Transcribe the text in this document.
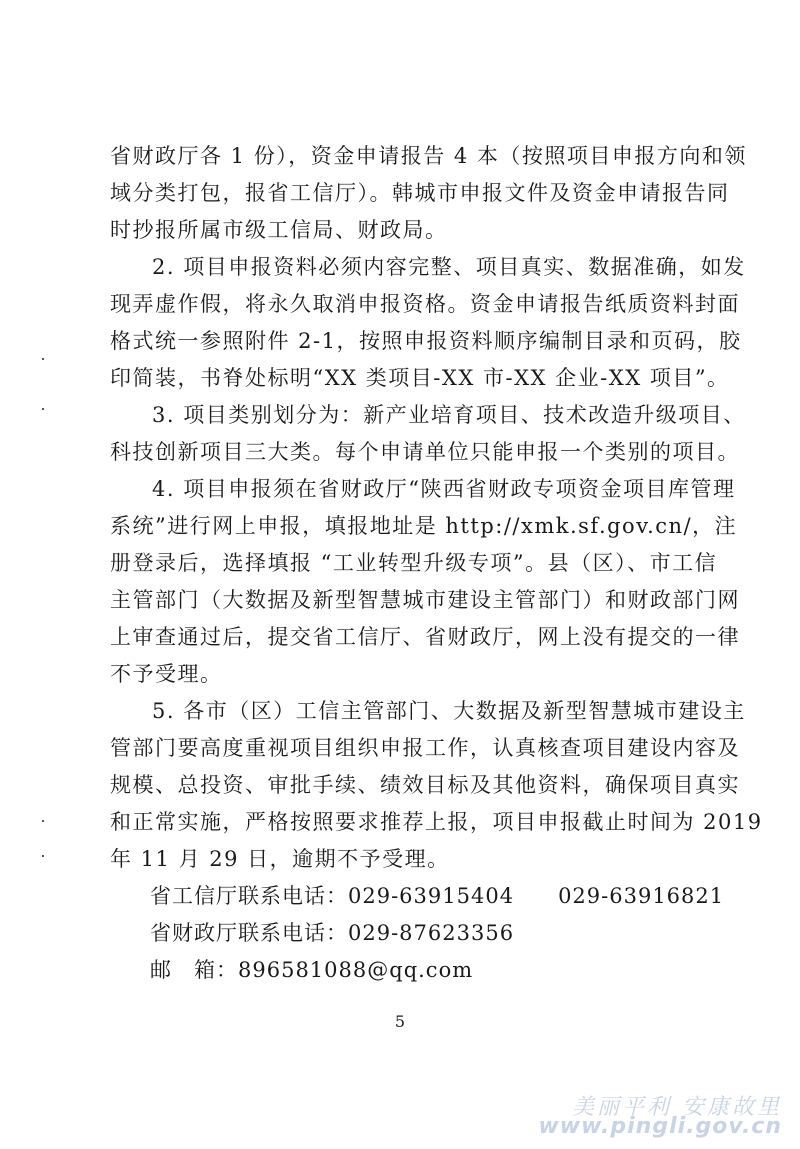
省财政厅各 1 份），资金申请报告 4 本（按照项目申报方向和领
域分类打包，报省工信厅）。韩城市申报文件及资金申请报告同
时抄报所属市级工信局、财政局。
2. 项目申报资料必须内容完整、项目真实、数据准确，如发
现弄虚作假，将永久取消申报资格。资金申请报告纸质资料封面
格式统一参照附件 2-1，按照申报资料顺序编制目录和页码，胶
印简装，书脊处标明“XX 类项目-XX 市-XX 企业-XX 项目”。
3. 项目类别划分为：新产业培育项目、技术改造升级项目、
科技创新项目三大类。每个申请单位只能申报一个类别的项目。
4. 项目申报须在省财政厅“陕西省财政专项资金项目库管理
系统”进行网上申报，填报地址是 http://xmk.sf.gov.cn/，注
册登录后，选择填报 “工业转型升级专项”。县（区）、市工信
主管部门（大数据及新型智慧城市建设主管部门）和财政部门网
上审查通过后，提交省工信厅、省财政厅，网上没有提交的一律
不予受理。
5. 各市（区）工信主管部门、大数据及新型智慧城市建设主
管部门要高度重视项目组织申报工作，认真核查项目建设内容及
规模、总投资、审批手续、绩效目标及其他资料，确保项目真实
和正常实施，严格按照要求推荐上报，项目申报截止时间为 2019
年 11 月 29 日，逾期不予受理。
省工信厅联系电话：029-63915404　　029-63916821
省财政厅联系电话：029-87623356
邮　箱：896581088@qq.com
5
美丽平利 安康故里
www.pingli.gov.cn
